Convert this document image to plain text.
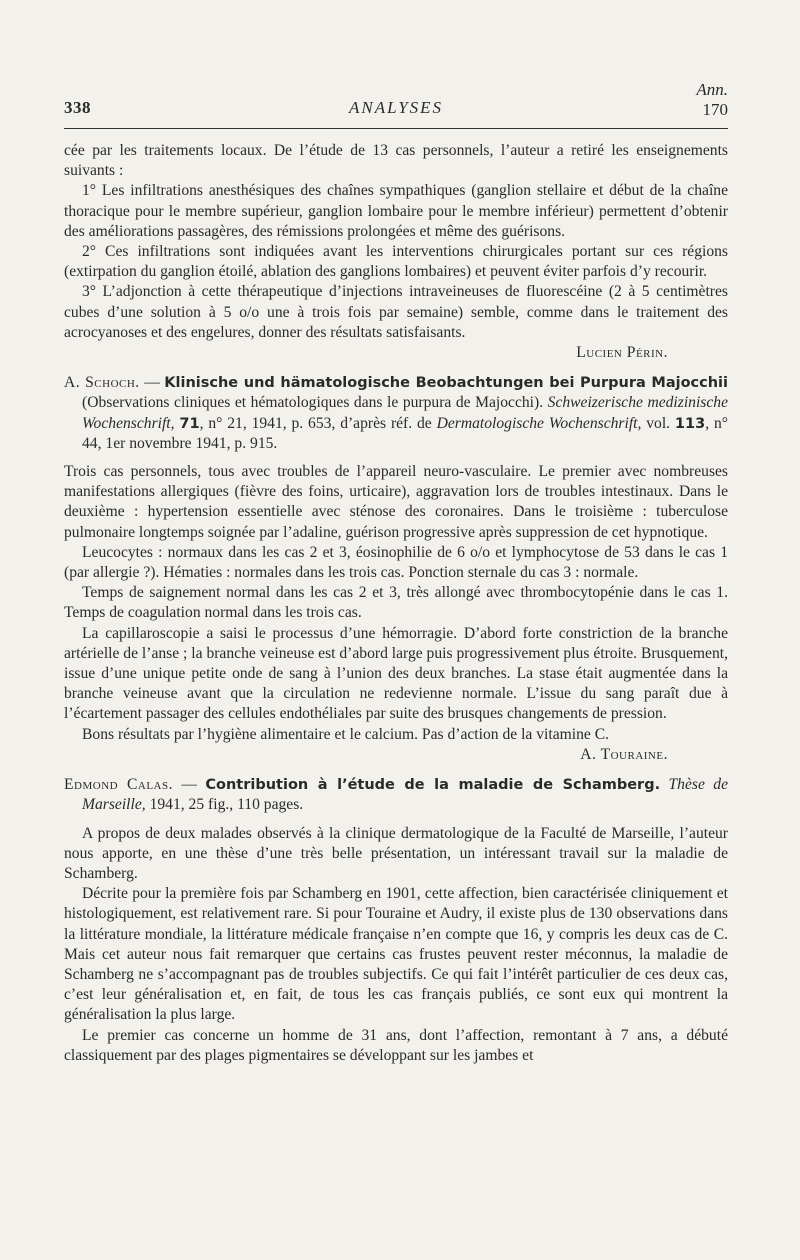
Ann.
338	ANALYSES	170

cée par les traitements locaux. De l’étude de 13 cas personnels, l’auteur a retiré les enseignements suivants :

1° Les infiltrations anesthésiques des chaînes sympathiques (ganglion stellaire et début de la chaîne thoracique pour le membre supérieur, ganglion lombaire pour le membre inférieur) permettent d’obtenir des améliorations passagères, des rémissions prolongées et même des guérisons.

2° Ces infiltrations sont indiquées avant les interventions chirurgicales portant sur ces régions (extirpation du ganglion étoilé, ablation des ganglions lombaires) et peuvent éviter parfois d’y recourir.

3° L’adjonction à cette thérapeutique d’injections intraveineuses de fluorescéine (2 à 5 centimètres cubes d’une solution à 5 o/o une à trois fois par semaine) semble, comme dans le traitement des acrocyanoses et des engelures, donner des résultats satisfaisants.

Lucien Périn.

A. Schoch. — Klinische und hämatologische Beobachtungen bei Purpura Majocchii (Observations cliniques et hématologiques dans le purpura de Majocchi). Schweizerische medizinische Wochenschrift, 71, n° 21, 1941, p. 653, d’après réf. de Dermatologische Wochenschrift, vol. 113, n° 44, 1er novembre 1941, p. 915.

Trois cas personnels, tous avec troubles de l’appareil neuro-vasculaire. Le premier avec nombreuses manifestations allergiques (fièvre des foins, urticaire), aggravation lors de troubles intestinaux. Dans le deuxième : hypertension essentielle avec sténose des coronaires. Dans le troisième : tuberculose pulmonaire longtemps soignée par l’adaline, guérison progressive après suppression de cet hypnotique.

Leucocytes : normaux dans les cas 2 et 3, éosinophilie de 6 o/o et lymphocytose de 53 dans le cas 1 (par allergie ?). Hématies : normales dans les trois cas. Ponction sternale du cas 3 : normale.

Temps de saignement normal dans les cas 2 et 3, très allongé avec thrombocytopénie dans le cas 1. Temps de coagulation normal dans les trois cas.

La capillaroscopie a saisi le processus d’une hémorragie. D’abord forte constriction de la branche artérielle de l’anse ; la branche veineuse est d’abord large puis progressivement plus étroite. Brusquement, issue d’une unique petite onde de sang à l’union des deux branches. La stase était augmentée dans la branche veineuse avant que la circulation ne redevienne normale. L’issue du sang paraît due à l’écartement passager des cellules endothéliales par suite des brusques changements de pression.

Bons résultats par l’hygiène alimentaire et le calcium. Pas d’action de la vitamine C.

A. Touraine.

Edmond Calas. — Contribution à l’étude de la maladie de Schamberg. Thèse de Marseille, 1941, 25 fig., 110 pages.

A propos de deux malades observés à la clinique dermatologique de la Faculté de Marseille, l’auteur nous apporte, en une thèse d’une très belle présentation, un intéressant travail sur la maladie de Schamberg.

Décrite pour la première fois par Schamberg en 1901, cette affection, bien caractérisée cliniquement et histologiquement, est relativement rare. Si pour Touraine et Audry, il existe plus de 130 observations dans la littérature mondiale, la littérature médicale française n’en compte que 16, y compris les deux cas de C. Mais cet auteur nous fait remarquer que certains cas frustes peuvent rester méconnus, la maladie de Schamberg ne s’accompagnant pas de troubles subjectifs. Ce qui fait l’intérêt particulier de ces deux cas, c’est leur généralisation et, en fait, de tous les cas français publiés, ce sont eux qui montrent la généralisation la plus large.

Le premier cas concerne un homme de 31 ans, dont l’affection, remontant à 7 ans, a débuté classiquement par des plages pigmentaires se développant sur les jambes et
